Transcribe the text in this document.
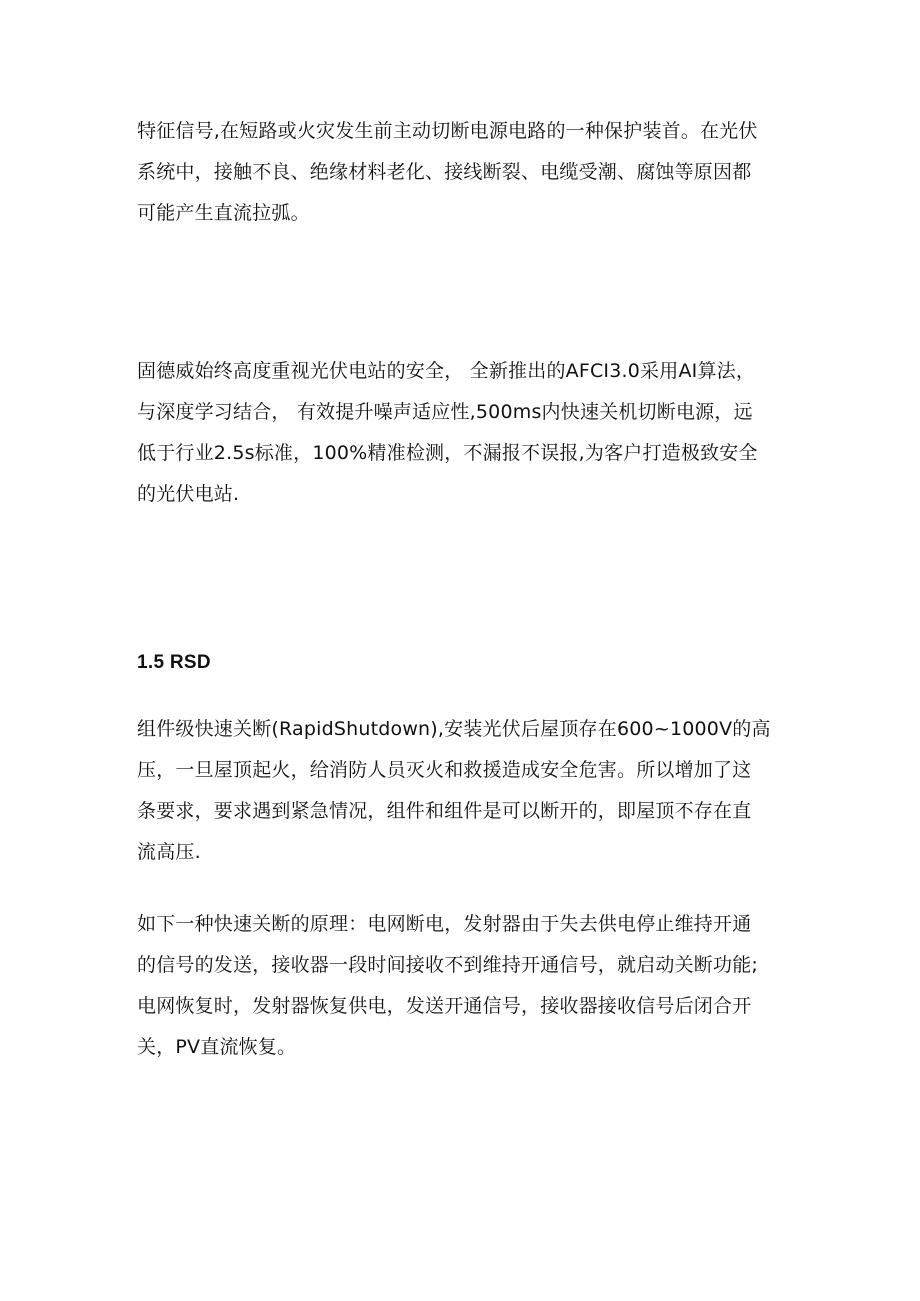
特征信号,在短路或火灾发生前主动切断电源电路的一种保护装首。在光伏
系统中，接触不良、绝缘材料老化、接线断裂、电缆受潮、腐蚀等原因都
可能产生直流拉弧。
固德威始终高度重视光伏电站的安全， 全新推出的AFCI3.0采用AI算法，
与深度学习结合， 有效提升噪声适应性,500ms内快速关机切断电源，远
低于行业2.5s标准，100%精准检测，不漏报不误报,为客户打造极致安全
的光伏电站.
1.5 RSD
组件级快速关断(RapidShutdown),安装光伏后屋顶存在600~1000V的高
压，一旦屋顶起火，给消防人员灭火和救援造成安全危害。所以增加了这
条要求，要求遇到紧急情况，组件和组件是可以断开的，即屋顶不存在直
流高压.
如下一种快速关断的原理：电网断电，发射器由于失去供电停止维持开通
的信号的发送，接收器一段时间接收不到维持开通信号，就启动关断功能;
电网恢复时，发射器恢复供电，发送开通信号，接收器接收信号后闭合开
关，PV直流恢复。
